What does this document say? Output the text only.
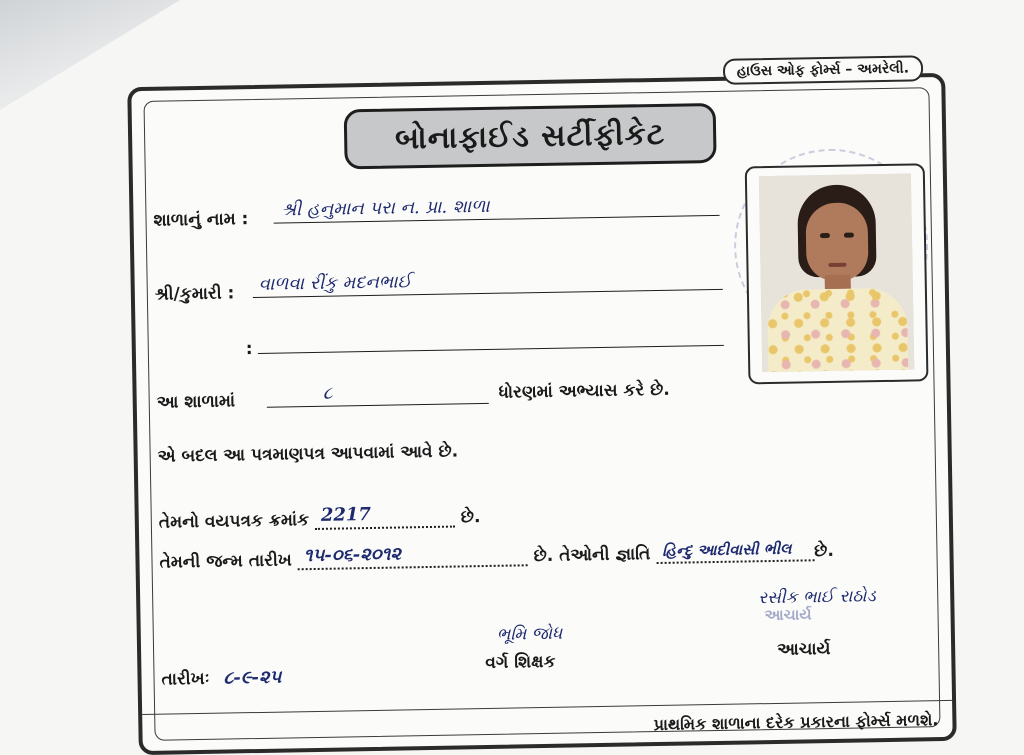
હાઉસ ઓફ ફોર્મ્સ – અમરેલી.
બોનાફાઈડ સર્ટીફીકેટ
શાળાનું નામ : શ્રી હનુમાન પરા ન. પ્રા. શાળા
શ્રી/કુમારી : વાળવા રીંકુ મદનભાઈ
:
આ શાળામાં	૮	ધોરણમાં અભ્યાસ કરે છે.
એ બદલ આ પત્રમાણપત્ર આપવામાં આવે છે.
તેમનો વયપત્રક ક્રમાંક 2217	છે.
તેમની જન્મ તારીખ ૧૫-૦૬-૨૦૧૨	છે. તેઓની જ્ઞાતિ હિન્દુ આદીવાસી ભીલ છે.
તારીખઃ ૮-૯-૨૫
ભૂમિ જોધ
વર્ગ શિક્ષક
રસીક ભાઈ રાઠોડ
આચાર્ય
આચાર્ય
પ્રાથમિક શાળાના દરેક પ્રકારના ફોર્મ્સ મળશે.
